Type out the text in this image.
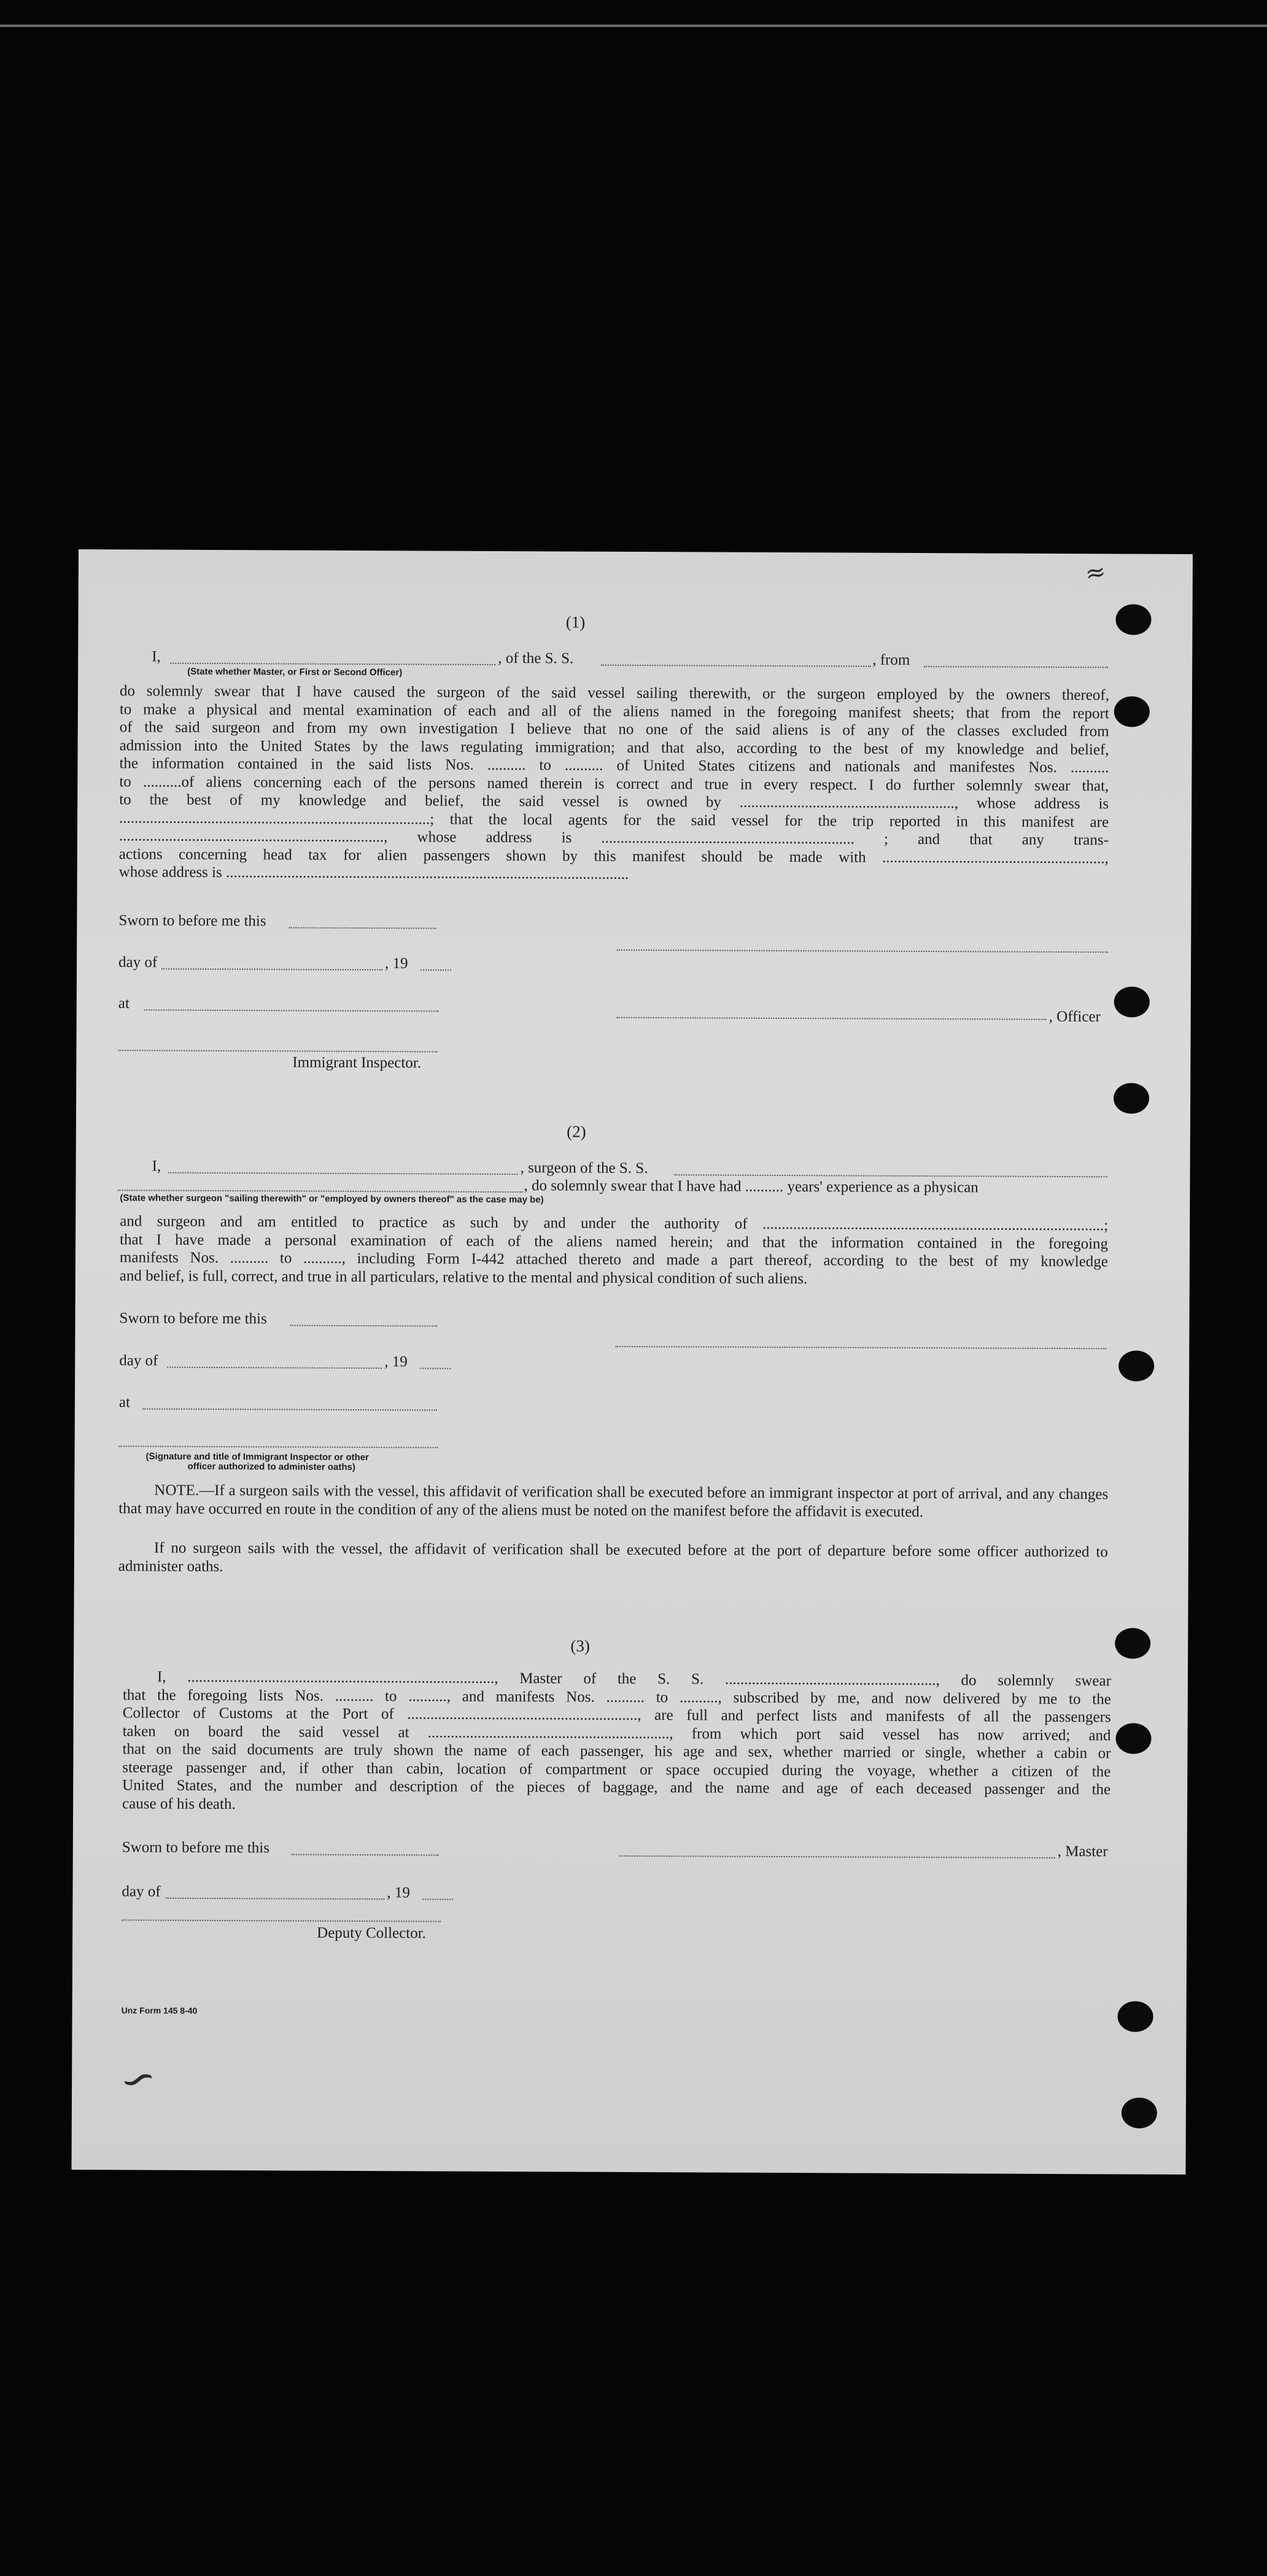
(1)
I,	, of the S. S.	, from
(State whether Master, or First or Second Officer)
do solemnly swear that I have caused the surgeon of the said vessel sailing therewith, or the surgeon employed by the owners thereof,
to make a physical and mental examination of each and all of the aliens named in the foregoing manifest sheets; that from the report
of the said surgeon and from my own investigation I believe that no one of the said aliens is of any of the classes excluded from
admission into the United States by the laws regulating immigration; and that also, according to the best of my knowledge and belief,
the information contained in the said lists Nos. .......... to .......... of United States citizens and nationals and manifestes Nos. ..........
to ..........of aliens concerning each of the persons named therein is correct and true in every respect. I do further solemnly swear that,
to the best of my knowledge and belief, the said vessel is owned by ........................................................, whose address is
.................................................................................; that the local agents for the said vessel for the trip reported in this manifest are
....................................................................., whose address is .................................................................. ; and that any trans-
actions concerning head tax for alien passengers shown by this manifest should be made with ..........................................................,
whose address is .........................................................................................................
Sworn to before me this
day of	, 19
at
, Officer
Immigrant Inspector.
(2)
I,	, surgeon of the S. S.
, do solemnly swear that I have had .......... years' experience as a physican
(State whether surgeon "sailing therewith" or "employed by owners thereof" as the case may be)
and surgeon and am entitled to practice as such by and under the authority of .........................................................................................;
that I have made a personal examination of each of the aliens named herein; and that the information contained in the foregoing
manifests Nos. .......... to .........., including Form I-442 attached thereto and made a part thereof, according to the best of my knowledge
and belief, is full, correct, and true in all particulars, relative to the mental and physical condition of such aliens.
Sworn to before me this
day of	, 19
at
(Signature and title of Immigrant Inspector or other
officer authorized to administer oaths)
NOTE.—If a surgeon sails with the vessel, this affidavit of verification shall be executed before an immigrant inspector at port of arrival, and any changes that may have occurred en route in the condition of any of the aliens must be noted on the manifest before the affidavit is executed.
If no surgeon sails with the vessel, the affidavit of verification shall be executed before at the port of departure before some officer authorized to administer oaths.
(3)
I, ................................................................................, Master of the S. S. ......................................................., do solemnly swear
that the foregoing lists Nos. .......... to .........., and manifests Nos. .......... to .........., subscribed by me, and now delivered by me to the
Collector of Customs at the Port of ............................................................, are full and perfect lists and manifests of all the passengers
taken on board the said vessel at ..............................................................., from which port said vessel has now arrived; and
that on the said documents are truly shown the name of each passenger, his age and sex, whether married or single, whether a cabin or
steerage passenger and, if other than cabin, location of compartment or space occupied during the voyage, whether a citizen of the
United States, and the number and description of the pieces of baggage, and the name and age of each deceased passenger and the
cause of his death.
Sworn to before me this	, Master
day of	, 19
Deputy Collector.
Unz Form 145 8-40
∽
≈
